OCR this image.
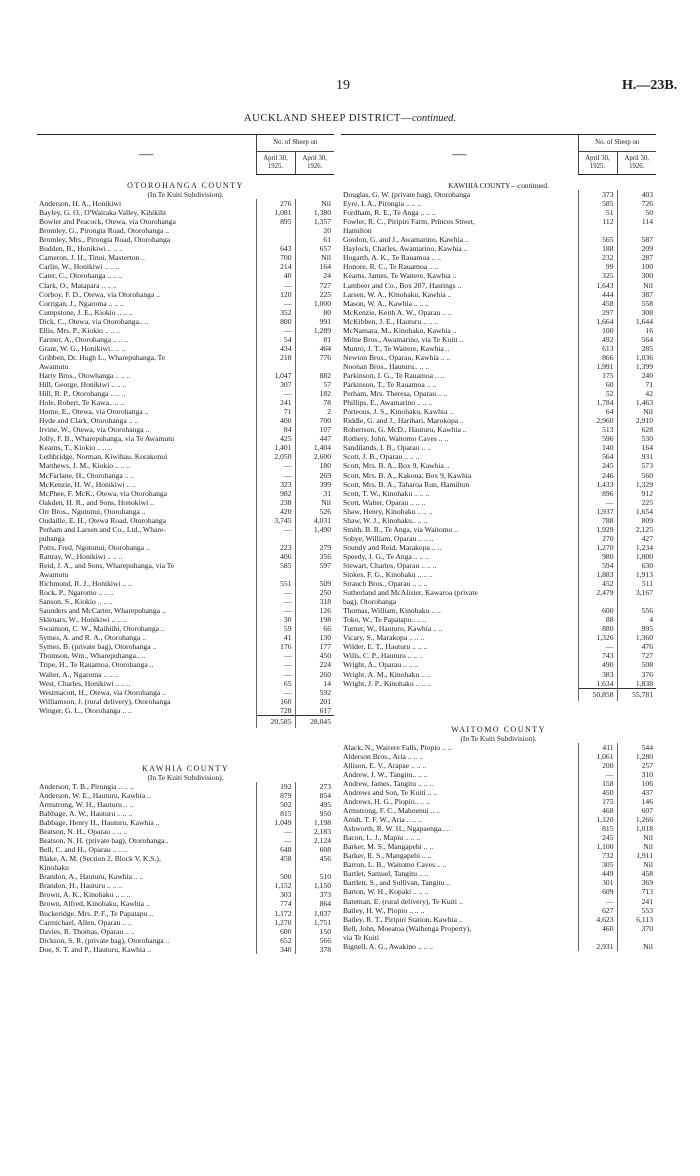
19	H.—23B.
AUCKLAND SHEEP DISTRICT—continued.
—	No. of Sheep on	
	April 30, 1925.	April 30, 1926.

OTOROHANGA COUNTY		
(In Te Kuiti Subdivision).		
Anderson, H. A., Honikiwi	276	Nil
Bayley, G. O., O'Wairaka Valley, Kihikihi	1,081	1,380
Bowler and Peacock, Otewa, via Otorohanga	895	1,357
Bromley, G., Pirongia Road, Otorohanga ..		20
Bromley, Mrs., Pirongia Road, Otorohanga		61
Budden, B., Honikiwi .. .. ..	643	657
Cameron, J. H., Tinui, Masterton ..	700	Nil
Carlin, W., Honikiwi .. .. ..	214	164
Cater, C., Otorohanga .. .. ..	40	24
Clark, O., Matapara .. .. ..	—	727
Corboy, F. D., Otewa, via Otorohanga ..	120	225
Corrigan, J., Ngaroma .. .. ..	—	1,000
Cumpstone, J. E., Kiokio .. .. ..	352	80
Dick, C., Otewa, via Otorohanga.. ..	800	991
Ellis, Mrs. P., Kiokio .. .. ..	—	1,289
Farmer, A., Otorohanga .. .. ..	54	81
Grant, W. G., Honikiwi.. .. ..	434	464
Gribben, Dr. Hugh L., Wharepuhanga, Te	218	776
Awamutu		
Harty Bros., Otowhanga .. .. ..	1,047	882
Hill, George, Honikiwi .. .. ..	307	57
Hill, R. P., Otorohanga .. .. ..	—	182
Hole, Robert, Te Kawa.. .. ..	241	78
Horne, E., Otewa, via Otorohanga ..	71	2
Hyde and Clark, Otorohanga .. ..	400	700
Irvine, W., Otewa, via Otorohanga ..	84	107
Jolly, F. B., Wharepuhanga, via Te Awamutu	425	447
Kearns, T., Kiokio .. .. ..	1,401	1,404
Lethbridge, Norman, Kiwihau, Korakonui	2,050	2,600
Matthews, J. M., Kiokio .. .. ..	—	180
McFarlane, H., Otorohanga .. ..	—	269
McKenzie, H. W., Honikiwi .. ..	323	399
McPhee, F. McK., Otewa, via Otorohanga	982	31
Oakden, H. R., and Sons, Honokiwi ..	238	Nil
Orr Bros., Ngutunui, Otorohanga ..	420	526
Oudaille, E. H., Otewa Road, Otorohanga	3,745	4,031
Perham and Larsen and Co., Ltd., Whare-	—	1,490
puhanga		
Potts, Fred, Ngutunui, Otorohanga ..	223	279
Rattray, W., Honikiwi .. .. ..	406	356
Reid, J. A., and Sons, Wharepuhanga, via Te	585	597
Awamutu		
Richmond, R. J., Honikiwi .. ..	551	509
Rock, P., Ngaromo .. .. ..	—	250
Sanson, S., Kiokio .. .. ..	—	318
Saunders and McCarter, Wharepuhanga ..	—	126
Sklenars, W., Honikiwi .. .. ..	30	198
Swainson, C. W., Maihiihi, Otorohanga ..	59	66
Symes, A. and R. A., Otorohanga ..	41	130
Symes, B. (private bag), Otorohanga ..	176	177
Thomson, Wm., Wharepuhanga.. ..	—	450
Tripe, H., Te Rauamoa, Otorohanga ..	—	224
Walter, A., Ngaroma .. .. ..	—	260
West, Charles, Honikiwi .. .. ..	65	14
Westmacott, H., Otewa, via Otorohanga ..	—	592
Williamson, J. (rural delivery), Otorohanga	160	201
Winger, G. L., Otorohanga .. ..	728	617
	20,585	28,045

KAWHIA COUNTY		
(In Te Kuiti Subdivision).		
Anderson, T. B., Pirongia .. .. ..	192	273
Anderson, W. E., Hauturu, Kawhia ..	879	854
Armstrong, W. H., Hauturu .. ..	502	495
Babbage, A. W., Hauturu .. .. ..	815	950
Babbage, Henry H., Hauturu, Kawhia ..	1,049	1,198
Beatson, N. H., Oparau .. .. ..	—	2,183
Beatson, N. H. (private bag), Otorohanga..	—	2,124
Bell, C. and H., Oparau .. .. ..	648	608
Blake, A. M. (Section 2, Block V, K.S.),	458	456
Kinohaku		
Brandon, A., Hauturu, Kawhia .. ..	500	510
Brandon, H., Hauturu .. .. ..	1,152	1,150
Brown, A. K., Kinohaku .. .. ..	303	373
Brown, Alfred, Kinohaku, Kawhia ..	774	864
Buckeridge, Mrs. P. F., Te Papatapu ..	1,172	1,037
Carmichael, Allen, Oparau .. ..	1,270	1,751
Davies, R. Thomas, Oparau .. ..	600	150
Dickson, S. R. (private bag), Otorohanga ..	652	566
Doe, S. T. and P., Hauturu, Kawhia ..	340	378
—	No. of Sheep on	
	April 30, 1925.	April 30, 1926.

KAWHIA COUNTY—continued.		
Douglas, G. W. (private bag), Otorohanga	373	403
Eyre, I. A., Pirongia .. .. ..	585	726
Fordham, R. E., Te Anga .. .. ..	51	50
Fowler, R. C., Piripiri Farm, Princes Street,	112	114
Hamilton		
Gordon, G. and J., Awamarino, Kawhia ..	565	587
Haylock, Charles, Awamarino, Kawhia ..	188	209
Hogarth, A. K., Te Rauamoa .. ..	232	287
Honore, R. C., Te Rauamoa .. ..	99	100
Kearns, James, Te Waitere, Kawhia ..	325	300
Lambeer and Co., Box 207, Hastings ..	1,643	Nil
Larsen, W. A., Kinohaku, Kawhia ..	444	387
Mason, W. A., Kawhia .. .. ..	458	558
McKenzie, Keith A. W., Oparau .. ..	297	308
McKibben, J. E., Hauturu .. .. ..	1,664	1,644
McNamara, M., Kinohaku, Kawhia ..	100	16
Milne Bros., Awamarino, via Te Kuiti ..	492	564
Munro, J. T., Te Waitere, Kawhia ..	613	285
Newton Bros., Oparau, Kawhia .. ..	866	1,036
Noonan Bros., Hauturu.. .. ..	1,991	1,399
Parkinson, J. G., Te Rauamoa .. ..	175	240
Parkinson, T., Te Rauamoa .. ..	60	71
Perham, Mrs. Theresa, Oparau .. ..	52	42
Phillips, E., Awamarino .. .. ..	1,784	1,463
Porteous, J. S., Kinohaku, Kawhia ..	64	Nil
Riddle, G. and J., Harihari, Marokopa ..	2,960	2,910
Robertson, G. McD., Hauturu, Kawhia ..	513	628
Rothery, John, Waitomo Caves .. ..	596	530
Sandilands, I. B., Oparau .. ..	140	164
Scott, J. B., Oparau .. .. ..	564	931
Scott, Mrs. B. A., Box 9, Kawhia ..	245	573
Scott, Mrs. B. A., Kakoua, Box 9, Kawhia	246	560
Scott, Mrs. B. A., Taharoa Run, Hamilton	1,433	1,329
Scott, T. W., Kinohaku .. .. ..	896	912
Scott, Walter, Oparau .. .. ..	—	225
Shaw, Henry, Kinohaku .. .. ..	1,937	1,654
Shaw, W. J., Kinohaku.. .. ..	788	809
Smith, B. R., Te Anga, via Waitomo ..	1,929	2,125
Sobye, William, Oparau .. .. ..	270	427
Soundy and Reid, Marakopa .. ..	1,270	1,234
Speedy, J. G., Te Anga .. .. ..	980	1,000
Stewart, Charles, Oparau .. .. ..	594	630
Stokes, F. G., Kinohaku .. .. ..	1,883	1,913
Strauch Bros., Oparau .. .. ..	452	511
Sutherland and McAlister, Kawaroa (private	2,479	3,167
bag), Otorohanga		
Thomas, William, Kinohaku .. ..	600	556
Toko, W., Te Papatapu.. .. ..	88	4
Turner, W., Hauturu, Kawhia .. ..	880	995
Vicary, S., Marakopa .. .. ..	1,326	1,360
Wilder, E. T., Hauturu .. .. ..	—	476
Wills, C. P., Hauturu .. .. ..	743	727
Wright, A., Oparau .. .. ..	490	508
Wright, A. M., Kinohaku .. ..	383	376
Wright, J. P., Kinohaku .. .. ..	1,634	1,838
	50,858	55,781

WAITOMO COUNTY		
(In Te Kuiti Subdivision).		
Alack, N., Wairere Falls, Piopio .. ..	411	544
Alderson Bros., Aria .. .. ..	1,061	1,280
Allison, E. V., Arapae .. .. ..	200	257
Andrew, J. W., Tangitu.. .. ..	—	310
Andrew, James, Tangitu .. .. ..	158	106
Andrews and Son, Te Kuiti .. ..	450	437
Andrews, H. G., Piopio.. .. ..	175	146
Armstrong, F. C., Mahoenui .. ..	468	607
Arndt, T. F. W., Aria .. .. ..	1,120	1,266
Ashworth, R. W. H., Ngapaenga.. ..	815	1,018
Bacon, L. J., Mapiu .. .. ..	245	Nil
Barker, M. S., Mangapehi .. ..	1,100	Nil
Barker, R. S., Mangapehi .. ..	732	1,911
Barron, L. B., Waitomo Caves .. ..	305	Nil
Bartlet, Samuel, Tangitu .. ..	449	458
Bartlett, S., and Sullivan, Tangitu ..	301	369
Barton, W. H., Kopaki .. .. ..	609	713
Bateman, E. (rural delivery), Te Kuiti ..	—	241
Batley, H. W., Piopio .. .. ..	627	553
Batley, R. T., Piripiri Station, Kawhia ..	4,623	6,113
Bell, John, Moeatoa (Waihenga Property),	460	370
via Te Kuiti		
Bignell, A. G., Awakino .. .. ..	2,931	Nil
